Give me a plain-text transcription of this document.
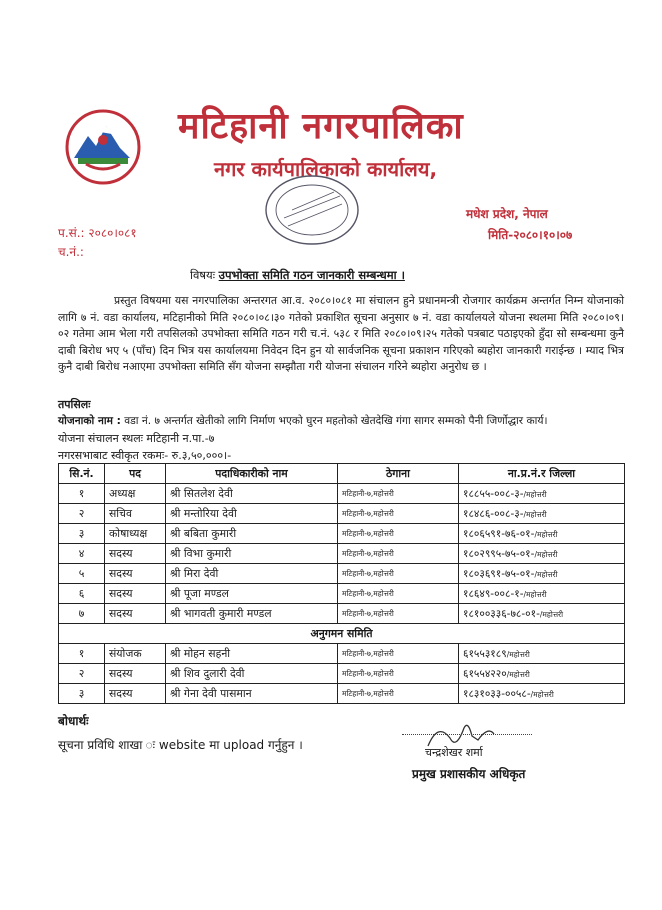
मटिहानी नगरपालिका
नगर कार्यपालिकाको कार्यालय,
मधेश प्रदेश, नेपाल
मिति-२०८०।१०।०७
प.सं.: २०८०।०८१
च.नं.:
विषयः उपभोक्ता समिति गठन जानकारी सम्बन्धमा ।
प्रस्तुत विषयमा यस नगरपालिका अन्तरगत आ.व. २०८०।०८१ मा संचालन हुने प्रधानमन्त्री रोजगार कार्यक्रम अन्तर्गत निम्न योजनाको लागि ७ नं. वडा कार्यालय, मटिहानीको मिति २०८०।०८।३० गतेको प्रकाशित सूचना अनुसार ७ नं. वडा कार्यालयले योजना स्थलमा मिति २०८०।०९।०२ गतेमा आम भेला गरी तपसिलको उपभोक्ता समिति गठन गरी च.नं. ५३८ र मिति २०८०।०९।२५ गतेको पत्रबाट पठाइएको हुँदा सो सम्बन्धमा कुनै दाबी बिरोध भए ५ (पाँच) दिन भित्र यस कार्यालयमा निवेदन दिन हुन यो सार्वजनिक सूचना प्रकाशन गरिएको ब्यहोरा जानकारी गराईन्छ । म्याद भित्र कुनै दाबी बिरोध नआएमा उपभोक्ता समिति सँग योजना सम्झौता गरी योजना संचालन गरिने ब्यहोरा अनुरोध छ ।
तपसिलः
योजनाको नाम : वडा नं. ७ अन्तर्गत खेतीको लागि निर्माण भएको घुरन महतोको खेतदेखि गंगा सागर सम्मको पैनी जिर्णोद्धार कार्य।
योजना संचालन स्थलः मटिहानी न.पा.-७
नगरसभाबाट स्वीकृत रकमः- रु.३,५०,०००।-
सि.नं.	पद	पदाधिकारीको नाम	ठेगाना	ना.प्र.नं.र जिल्ला
१	अध्यक्ष	श्री सितलेश देवी	मटिहानी-७,महोत्तरी	१८८५५-००८-३-/महोत्तरी
२	सचिव	श्री मन्तोरिया देवी	मटिहानी-७,महोत्तरी	१८४८६-००८-३-/महोत्तरी
३	कोषाध्यक्ष	श्री बबिता कुमारी	मटिहानी-७,महोत्तरी	१८०६५९१-७६-०१-/महोत्तरी
४	सदस्य	श्री विभा कुमारी	मटिहानी-७,महोत्तरी	१८०२९९५-७५-०१-/महोत्तरी
५	सदस्य	श्री मिरा देवी	मटिहानी-७,महोत्तरी	१८०३६९१-७५-०१-/महोत्तरी
६	सदस्य	श्री पूजा मण्डल	मटिहानी-७,महोत्तरी	१८६४९-००८-१-/महोत्तरी
७	सदस्य	श्री भागवती कुमारी मण्डल	मटिहानी-७,महोत्तरी	१८१००३३६-७८-०१-/महोत्तरी
अनुगमन समिति				
१	संयोजक	श्री मोहन सहनी	मटिहानी-७,महोत्तरी	६१५५३१८९/महोत्तरी
२	सदस्य	श्री शिव दुलारी देवी	मटिहानी-७,महोत्तरी	६१५५४२२०/महोत्तरी
३	सदस्य	श्री गेना देवी पासमान	मटिहानी-७,महोत्तरी	१८३१०३३-००५८-/महोत्तरी
बोधार्थः
सूचना प्रविधि शाखा ः website मा upload गर्नुहुन ।
चन्द्रशेखर शर्मा
प्रमुख प्रशासकीय अधिकृत
